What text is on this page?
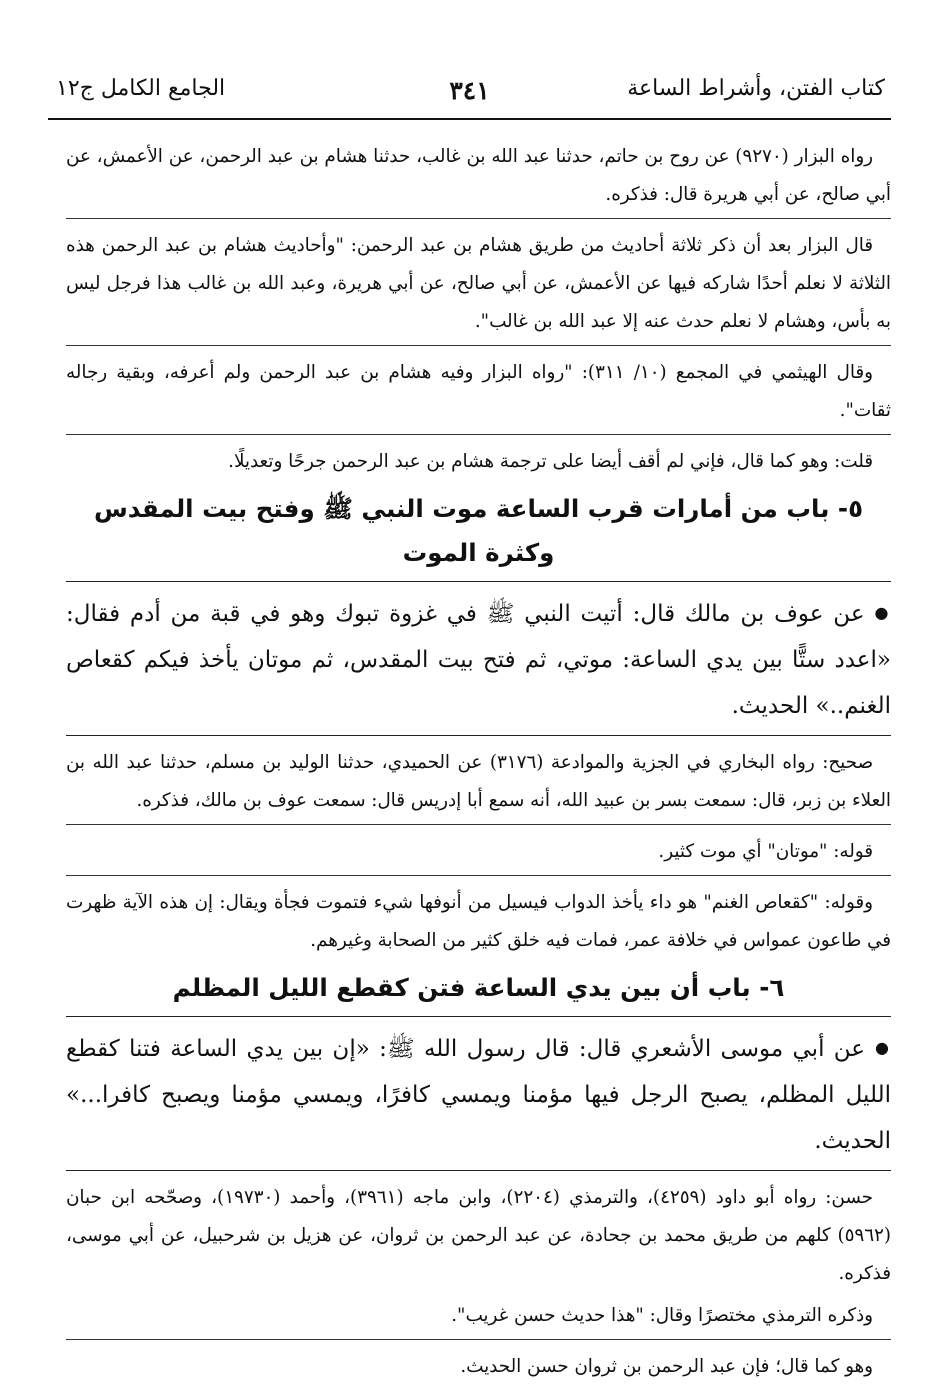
كتاب الفتن، وأشراط الساعة
٣٤١
الجامع الكامل ج١٢

رواه البزار (٩٢٧٠) عن روح بن حاتم، حدثنا عبد الله بن غالب، حدثنا هشام بن عبد الرحمن، عن الأعمش، عن أبي صالح، عن أبي هريرة قال: فذكره.

قال البزار بعد أن ذكر ثلاثة أحاديث من طريق هشام بن عبد الرحمن: "وأحاديث هشام بن عبد الرحمن هذه الثلاثة لا نعلم أحدًا شاركه فيها عن الأعمش، عن أبي صالح، عن أبي هريرة، وعبد الله بن غالب هذا فرجل ليس به بأس، وهشام لا نعلم حدث عنه إلا عبد الله بن غالب".

وقال الهيثمي في المجمع (١٠/ ٣١١): "رواه البزار وفيه هشام بن عبد الرحمن ولم أعرفه، وبقية رجاله ثقات".

قلت: وهو كما قال، فإني لم أقف أيضا على ترجمة هشام بن عبد الرحمن جرحًا وتعديلًا.

٥- باب من أمارات قرب الساعة موت النبي ﷺ وفتح بيت المقدس وكثرة الموت

●عن عوف بن مالك قال: أتيت النبي ﷺ في غزوة تبوك وهو في قبة من أدم فقال: «اعدد ستًّا بين يدي الساعة: موتي، ثم فتح بيت المقدس، ثم موتان يأخذ فيكم كقعاص الغنم..» الحديث.

صحيح: رواه البخاري في الجزية والموادعة (٣١٧٦) عن الحميدي، حدثنا الوليد بن مسلم، حدثنا عبد الله بن العلاء بن زبر، قال: سمعت بسر بن عبيد الله، أنه سمع أبا إدريس قال: سمعت عوف بن مالك، فذكره.

قوله: "موتان" أي موت كثير.

وقوله: "كقعاص الغنم" هو داء يأخذ الدواب فيسيل من أنوفها شيء فتموت فجأة ويقال: إن هذه الآية ظهرت في طاعون عمواس في خلافة عمر، فمات فيه خلق كثير من الصحابة وغيرهم.

٦- باب أن بين يدي الساعة فتن كقطع الليل المظلم

●عن أبي موسى الأشعري قال: قال رسول الله ﷺ: «إن بين يدي الساعة فتنا كقطع الليل المظلم، يصبح الرجل فيها مؤمنا ويمسي كافرًا، ويمسي مؤمنا ويصبح كافرا...» الحديث.

حسن: رواه أبو داود (٤٢٥٩)، والترمذي (٢٢٠٤)، وابن ماجه (٣٩٦١)، وأحمد (١٩٧٣٠)، وصحّحه ابن حبان (٥٩٦٢) كلهم من طريق محمد بن جحادة، عن عبد الرحمن بن ثروان، عن هزيل بن شرحبيل، عن أبي موسى، فذكره.

وذكره الترمذي مختصرًا وقال: "هذا حديث حسن غريب".

وهو كما قال؛ فإن عبد الرحمن بن ثروان حسن الحديث.
